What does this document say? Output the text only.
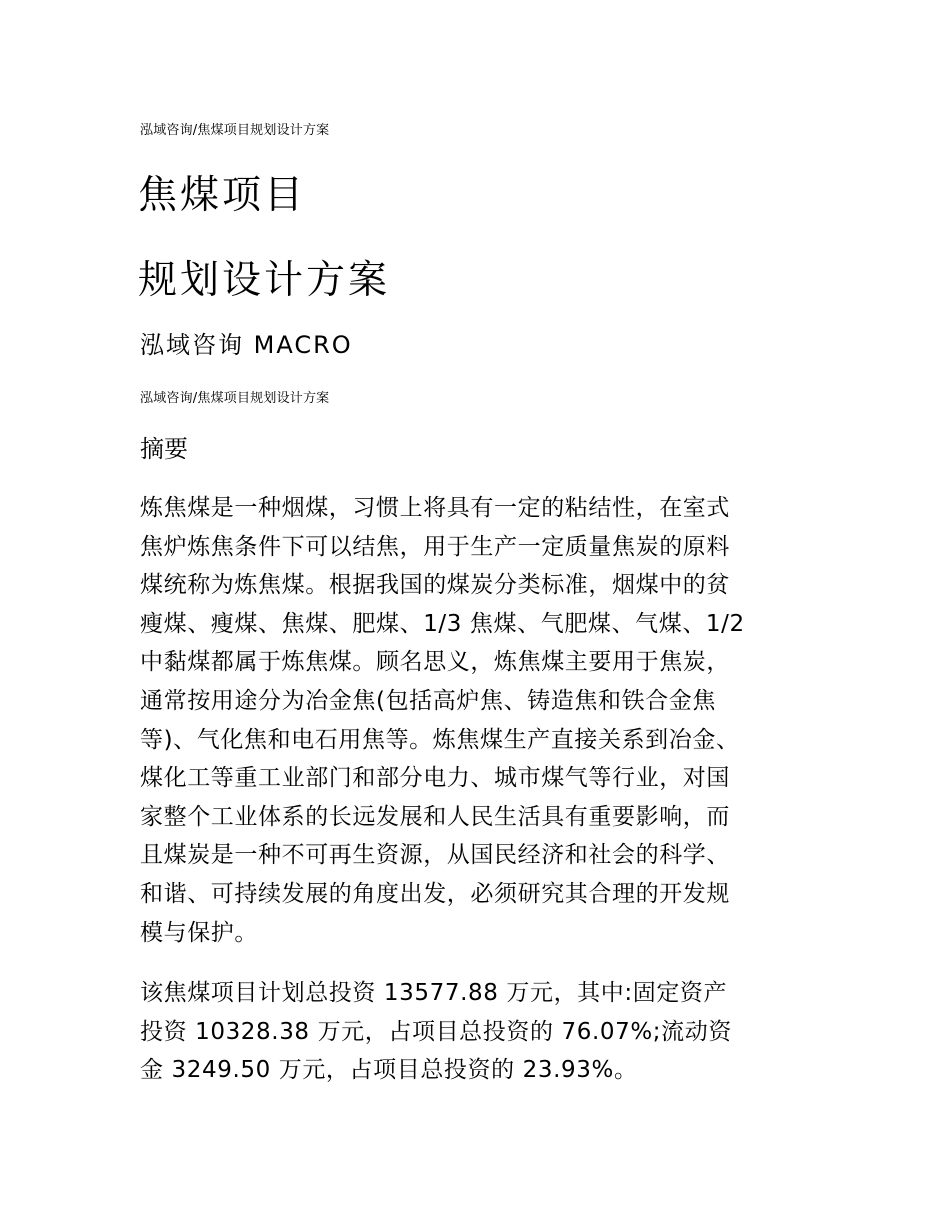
泓域咨询/焦煤项目规划设计方案
焦煤项目
规划设计方案
泓域咨询 MACRO
泓域咨询/焦煤项目规划设计方案
摘要
炼焦煤是一种烟煤，习惯上将具有一定的粘结性，在室式
焦炉炼焦条件下可以结焦，用于生产一定质量焦炭的原料
煤统称为炼焦煤。根据我国的煤炭分类标准，烟煤中的贫
瘦煤、瘦煤、焦煤、肥煤、1/3 焦煤、气肥煤、气煤、1/2
中黏煤都属于炼焦煤。顾名思义，炼焦煤主要用于焦炭，
通常按用途分为冶金焦(包括高炉焦、铸造焦和铁合金焦
等)、气化焦和电石用焦等。炼焦煤生产直接关系到冶金、
煤化工等重工业部门和部分电力、城市煤气等行业，对国
家整个工业体系的长远发展和人民生活具有重要影响，而
且煤炭是一种不可再生资源，从国民经济和社会的科学、
和谐、可持续发展的角度出发，必须研究其合理的开发规
模与保护。
该焦煤项目计划总投资 13577.88 万元，其中:固定资产
投资 10328.38 万元，占项目总投资的 76.07%;流动资
金 3249.50 万元，占项目总投资的 23.93%。
